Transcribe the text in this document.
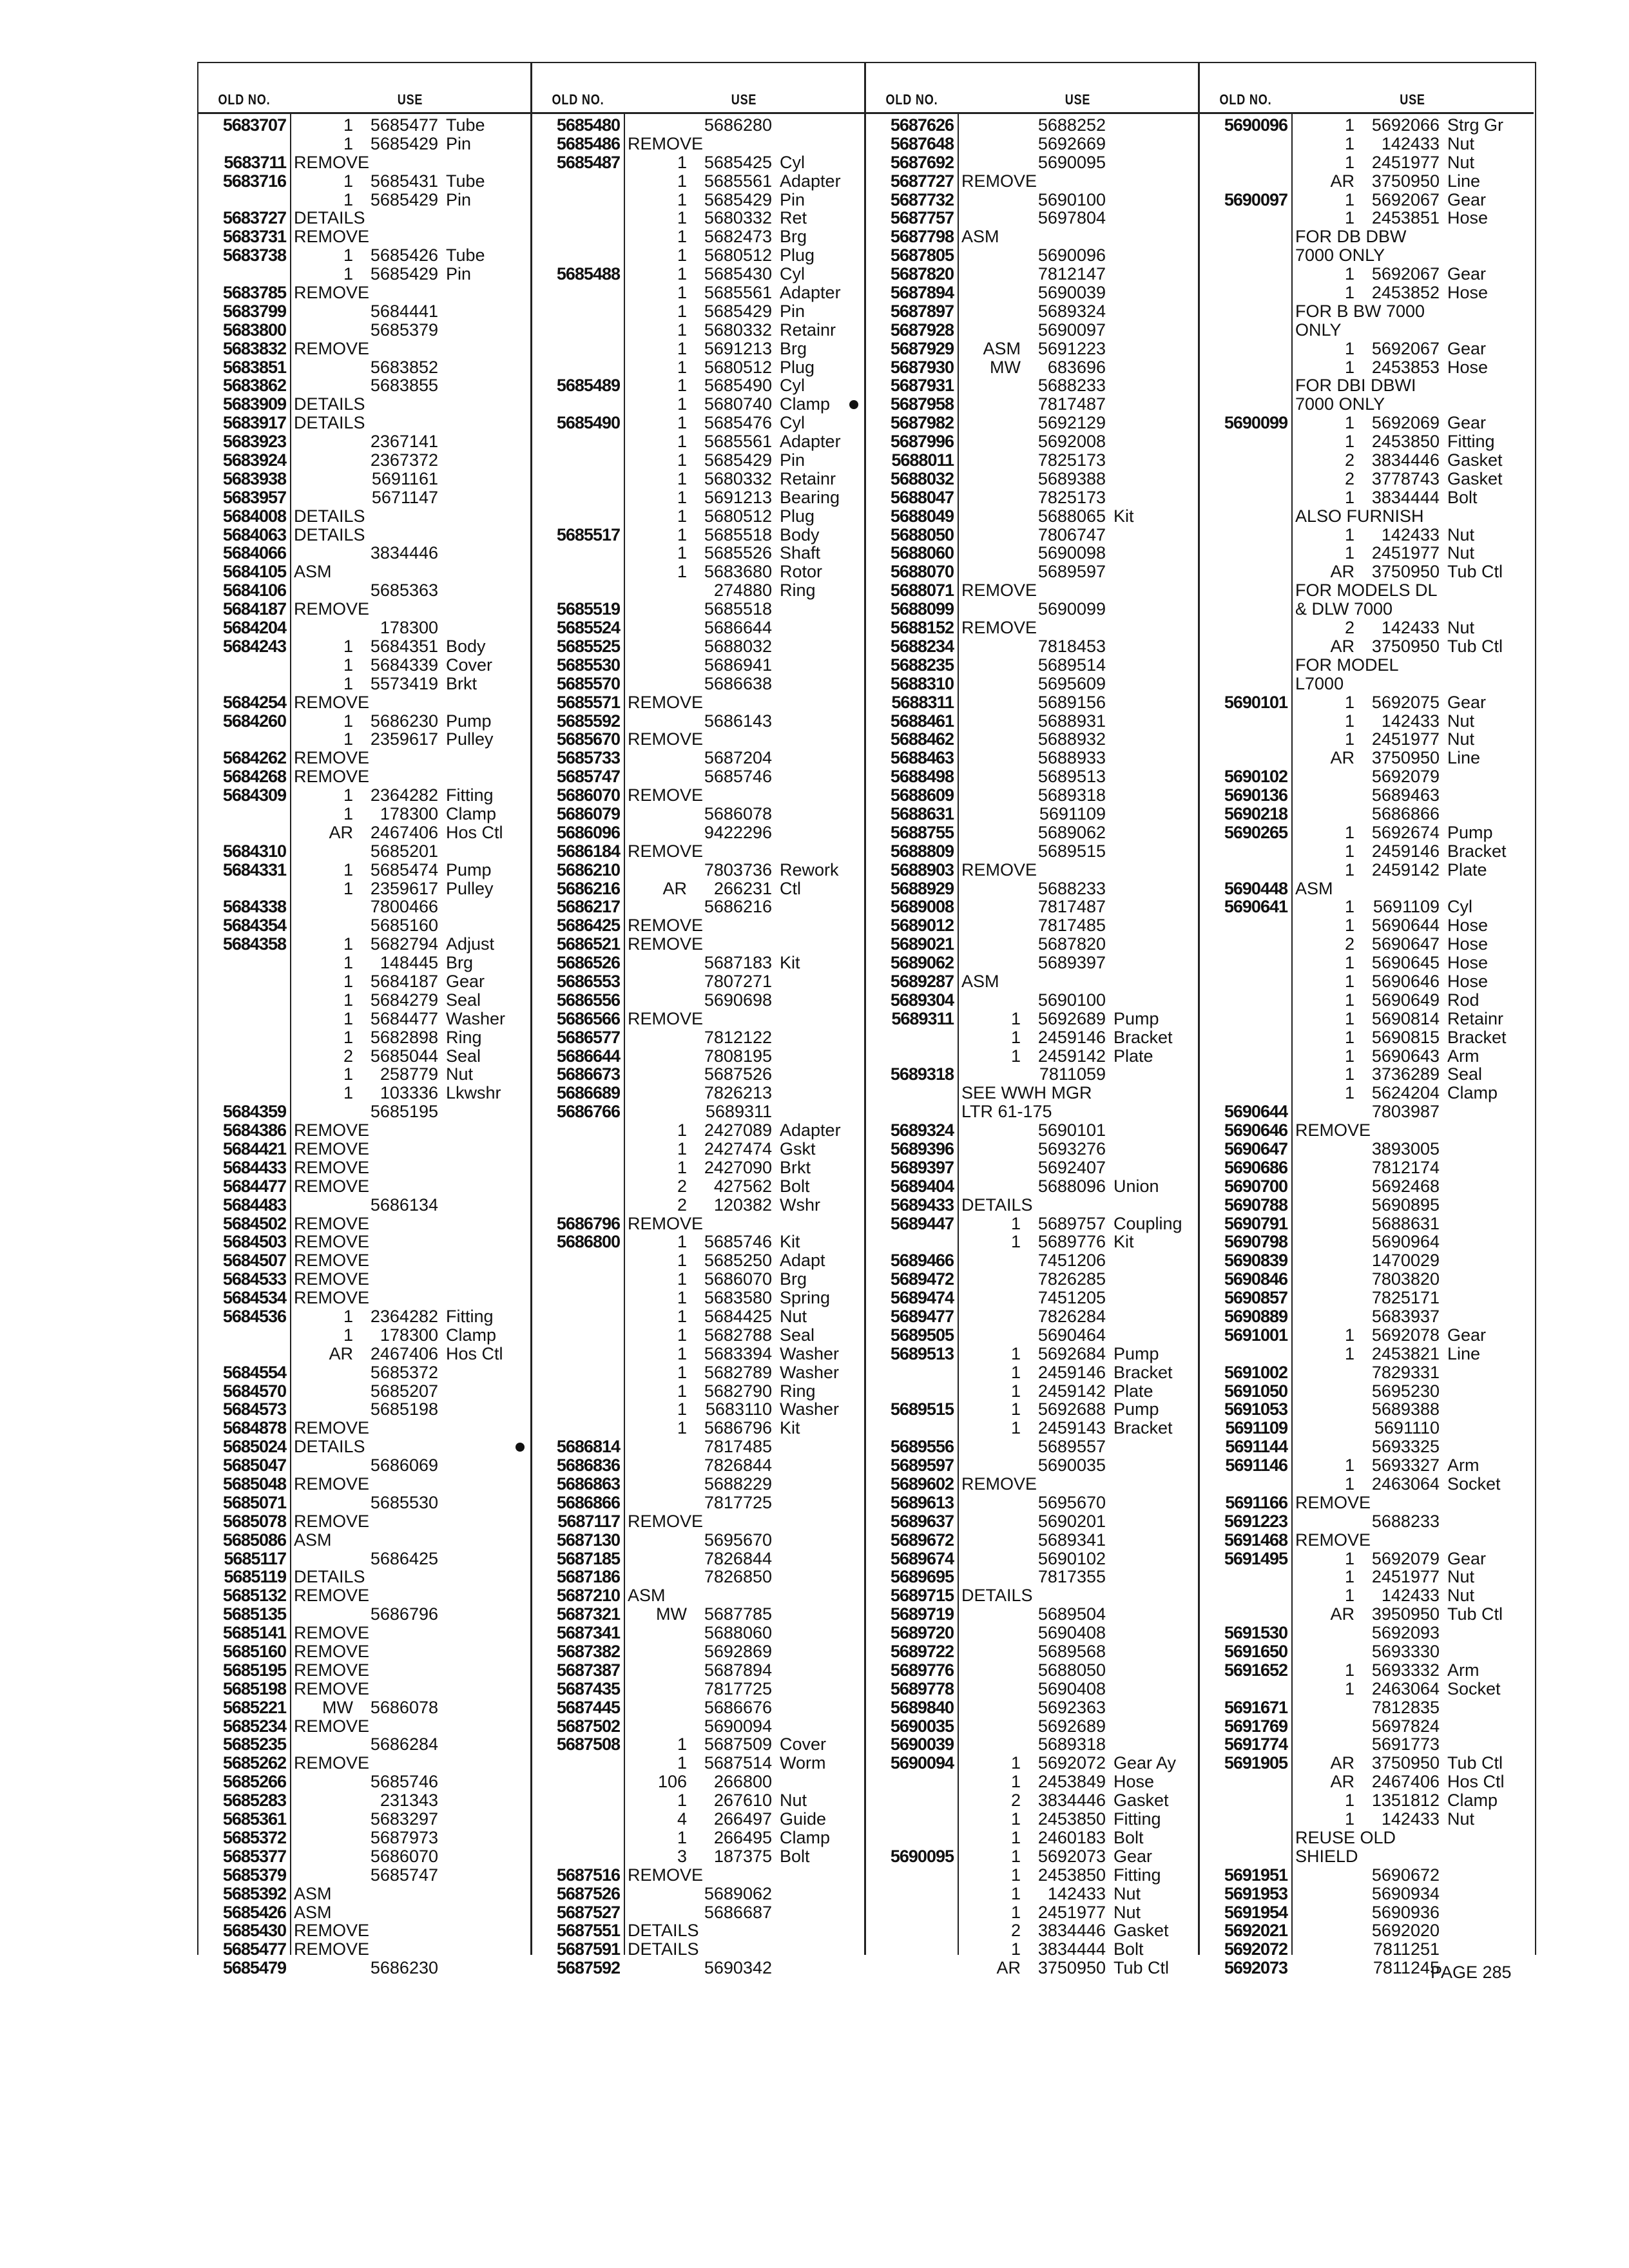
OLD NO.	USE
5683707	1 5685477 Tube
1 5685429 Pin
5683711 REMOVE
5683716	1 5685431 Tube
1 5685429 Pin
5683727 DETAILS
5683731 REMOVE
5683738	1 5685426 Tube
1 5685429 Pin
5683785 REMOVE
5683799	5684441
5683800	5685379
5683832 REMOVE
5683851	5683852
5683862	5683855
5683909 DETAILS
5683917 DETAILS
5683923	2367141
5683924	2367372
5683938	5691161
5683957	5671147
5684008 DETAILS
5684063 DETAILS
5684066	3834446
5684105 ASM
5684106	5685363
5684187 REMOVE
5684204	178300
5684243	1 5684351 Body
1 5684339 Cover
1 5573419 Brkt
5684254 REMOVE
5684260	1 5686230 Pump
1 2359617 Pulley
5684262 REMOVE
5684268 REMOVE
5684309	1 2364282 Fitting
1	178300 Clamp
AR 2467406 Hos Ctl
5684310	5685201
5684331	1 5685474 Pump
1 2359617 Pulley
5684338	7800466
5684354	5685160
5684358	1 5682794 Adjust
1	148445 Brg
1 5684187 Gear
1 5684279 Seal
1 5684477 Washer
1 5682898 Ring
2 5685044 Seal
1	258779 Nut
1	103336 Lkwshr
5684359	5685195
5684386 REMOVE
5684421 REMOVE
5684433 REMOVE
5684477 REMOVE
5684483	5686134
5684502 REMOVE
5684503 REMOVE
5684507 REMOVE
5684533 REMOVE
5684534 REMOVE
5684536	1 2364282 Fitting
1	178300 Clamp
AR 2467406 Hos Ctl
5684554	5685372
5684570	5685207
5684573	5685198
5684878 REMOVE
5685024 DETAILS
5685047	5686069
5685048 REMOVE
5685071	5685530
5685078 REMOVE
5685086 ASM
5685117	5686425
5685119 DETAILS
5685132 REMOVE
5685135	5686796
5685141 REMOVE
5685160 REMOVE
5685195 REMOVE
5685198 REMOVE
5685221	MW 5686078
5685234 REMOVE
5685235	5686284
5685262 REMOVE
5685266	5685746
5685283	231343
5685361	5683297
5685372	5687973
5685377	5686070
5685379	5685747
5685392 ASM
5685426 ASM
5685430 REMOVE
5685477 REMOVE
5685479	5686230
OLD NO.	USE
5685480	5686280
5685486 REMOVE
5685487	1 5685425 Cyl
1 5685561 Adapter
1 5685429 Pin
1 5680332 Ret
1 5682473 Brg
1 5680512 Plug
5685488	1 5685430 Cyl
1 5685561 Adapter
1 5685429 Pin
1 5680332 Retainr
1 5691213 Brg
1 5680512 Plug
5685489	1 5685490 Cyl
1 5680740 Clamp
5685490	1 5685476 Cyl
1 5685561 Adapter
1 5685429 Pin
1 5680332 Retainr
1 5691213 Bearing
1 5680512 Plug
5685517	1 5685518 Body
1 5685526 Shaft
1 5683680 Rotor
274880 Ring
5685519	5685518
5685524	5686644
5685525	5688032
5685530	5686941
5685570	5686638
5685571 REMOVE
5685592	5686143
5685670 REMOVE
5685733	5687204
5685747	5685746
5686070 REMOVE
5686079	5686078
5686096	9422296
5686184 REMOVE
5686210	7803736 Rework
5686216	AR	266231 Ctl
5686217	5686216
5686425 REMOVE
5686521 REMOVE
5686526	5687183 Kit
5686553	7807271
5686556	5690698
5686566 REMOVE
5686577	7812122
5686644	7808195
5686673	5687526
5686689	7826213
5686766	5689311
1 2427089 Adapter
1 2427474 Gskt
1 2427090 Brkt
2	427562 Bolt
2	120382 Wshr
5686796 REMOVE
5686800	1 5685746 Kit
1 5685250 Adapt
1 5686070 Brg
1 5683580 Spring
1 5684425 Nut
1 5682788 Seal
1 5683394 Washer
1 5682789 Washer
1 5682790 Ring
1	5683110 Washer
1 5686796 Kit
5686814	7817485
5686836	7826844
5686863	5688229
5686866	7817725
5687117 REMOVE
5687130	5695670
5687185	7826844
5687186	7826850
5687210 ASM
5687321	MW 5687785
5687341	5688060
5687382	5692869
5687387	5687894
5687435	7817725
5687445	5686676
5687502	5690094
5687508	1 5687509 Cover
1 5687514 Worm
106	266800
1	267610 Nut
4	266497 Guide
1	266495 Clamp
3	187375 Bolt
5687516 REMOVE
5687526	5689062
5687527	5686687
5687551 DETAILS
5687591 DETAILS
5687592	5690342
OLD NO.	USE
5687626	5688252
5687648	5692669
5687692	5690095
5687727 REMOVE
5687732	5690100
5687757	5697804
5687798 ASM
5687805	5690096
5687820	7812147
5687894	5690039
5687897	5689324
5687928	5690097
5687929	ASM 5691223
5687930	MW	683696
5687931	5688233
5687958	7817487
5687982	5692129
5687996	5692008
5688011	7825173
5688032	5689388
5688047	7825173
5688049	5688065 Kit
5688050	7806747
5688060	5690098
5688070	5689597
5688071 REMOVE
5688099	5690099
5688152 REMOVE
5688234	7818453
5688235	5689514
5688310	5695609
5688311	5689156
5688461	5688931
5688462	5688932
5688463	5688933
5688498	5689513
5688609	5689318
5688631	5691109
5688755	5689062
5688809	5689515
5688903 REMOVE
5688929	5688233
5689008	7817487
5689012	7817485
5689021	5687820
5689062	5689397
5689287 ASM
5689304	5690100
5689311	1 5692689 Pump
1 2459146 Bracket
1 2459142 Plate
5689318	7811059
SEE WWH MGR
LTR 61-175
5689324	5690101
5689396	5693276
5689397	5692407
5689404	5688096 Union
5689433 DETAILS
5689447	1 5689757 Coupling
1 5689776 Kit
5689466	7451206
5689472	7826285
5689474	7451205
5689477	7826284
5689505	5690464
5689513	1 5692684 Pump
1 2459146 Bracket
1 2459142 Plate
5689515	1 5692688 Pump
1 2459143 Bracket
5689556	5689557
5689597	5690035
5689602 REMOVE
5689613	5695670
5689637	5690201
5689672	5689341
5689674	5690102
5689695	7817355
5689715 DETAILS
5689719	5689504
5689720	5690408
5689722	5689568
5689776	5688050
5689778	5690408
5689840	5692363
5690035	5692689
5690039	5689318
5690094	1 5692072 Gear Ay
1 2453849 Hose
2 3834446 Gasket
1 2453850 Fitting
1 2460183 Bolt
5690095	1 5692073 Gear
1 2453850 Fitting
1	142433 Nut
1 2451977 Nut
2 3834446 Gasket
1 3834444 Bolt
AR 3750950 Tub Ctl
OLD NO.	USE
5690096	1 5692066 Strg Gr
1	142433 Nut
1 2451977 Nut
AR 3750950 Line
5690097	1 5692067 Gear
1 2453851 Hose
FOR DB DBW
7000 ONLY
1 5692067 Gear
1 2453852 Hose
FOR B BW 7000
ONLY
1 5692067 Gear
1 2453853 Hose
FOR DBI DBWI
7000 ONLY
5690099	1 5692069 Gear
1 2453850 Fitting
2 3834446 Gasket
2 3778743 Gasket
1 3834444 Bolt
ALSO FURNISH
1	142433 Nut
1 2451977 Nut
AR 3750950 Tub Ctl
FOR MODELS DL
& DLW 7000
2	142433 Nut
AR 3750950 Tub Ctl
FOR MODEL
L7000
5690101	1 5692075 Gear
1	142433 Nut
1 2451977 Nut
AR 3750950 Line
5690102	5692079
5690136	5689463
5690218	5686866
5690265	1 5692674 Pump
1 2459146 Bracket
1 2459142 Plate
5690448 ASM
5690641	1	5691109 Cyl
1 5690644 Hose
2 5690647 Hose
1 5690645 Hose
1 5690646 Hose
1 5690649 Rod
1 5690814 Retainr
1 5690815 Bracket
1 5690643 Arm
1 3736289 Seal
1 5624204 Clamp
5690644	7803987
5690646 REMOVE
5690647	3893005
5690686	7812174
5690700	5692468
5690788	5690895
5690791	5688631
5690798	5690964
5690839	1470029
5690846	7803820
5690857	7825171
5690889	5683937
5691001	1 5692078 Gear
1 2453821 Line
5691002	7829331
5691050	5695230
5691053	5689388
5691109	5691110
5691144	5693325
5691146	1 5693327 Arm
1 2463064 Socket
5691166 REMOVE
5691223	5688233
5691468 REMOVE
5691495	1 5692079 Gear
1 2451977 Nut
1	142433 Nut
AR 3950950 Tub Ctl
5691530	5692093
5691650	5693330
5691652	1 5693332 Arm
1 2463064 Socket
5691671	7812835
5691769	5697824
5691774	5691773
5691905	AR 3750950 Tub Ctl
AR 2467406 Hos Ctl
1 1351812 Clamp
1	142433 Nut
REUSE OLD
SHIELD
5691951	5690672
5691953	5690934
5691954	5690936
5692021	5692020
5692072	7811251
5692073	7811245
PAGE 285
